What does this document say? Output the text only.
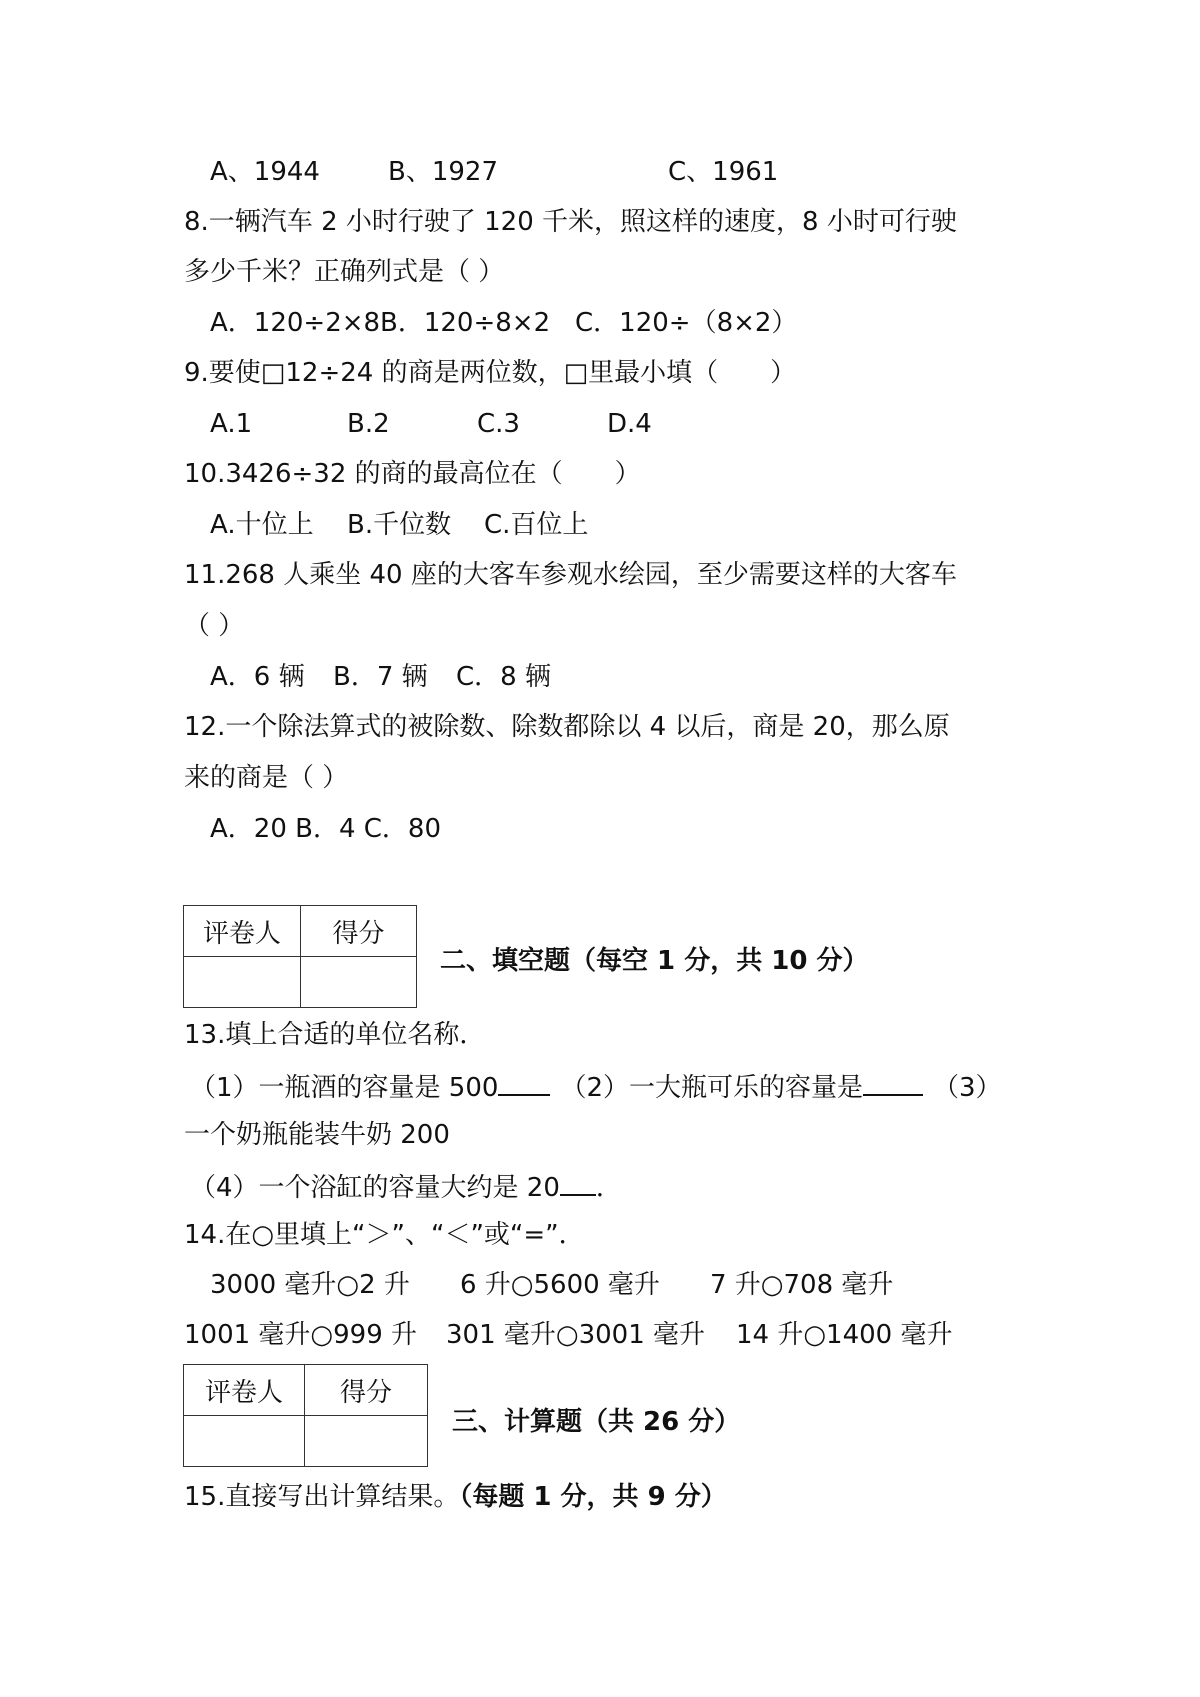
A、1944	B、1927	C、1961
8.一辆汽车 2 小时行驶了 120 千米，照这样的速度，8 小时可行驶
多少千米？正确列式是（ ）
A．120÷2×8B．120÷8×2 C．120÷（8×2）
9.要使□12÷24 的商是两位数，□里最小填（　　）
A.1	B.2	C.3	D.4
10.3426÷32 的商的最高位在（　　）
A.十位上 B.千位数 C.百位上
11.268 人乘坐 40 座的大客车参观水绘园，至少需要这样的大客车
（ ）
A．6 辆 B．7 辆 C．8 辆
12.一个除法算式的被除数、除数都除以 4 以后，商是 20，那么原
来的商是（ ）
A．20 B．4 C．80
评卷人	得分

二、填空题（每空 1 分，共 10 分）
13.填上合适的单位名称．
（1）一瓶酒的容量是 500 （2）一大瓶可乐的容量是	（3）
一个奶瓶能装牛奶 200
（4）一个浴缸的容量大约是 20 ．
14.在○里填上“＞”、“＜”或“=”．
3000 毫升○2 升 6 升○5600 毫升 7 升○708 毫升
1001 毫升○999 升 301 毫升○3001 毫升 14 升○1400 毫升
评卷人	得分

三、计算题（共 26 分）
15.直接写出计算结果。（每题 1 分，共 9 分）
